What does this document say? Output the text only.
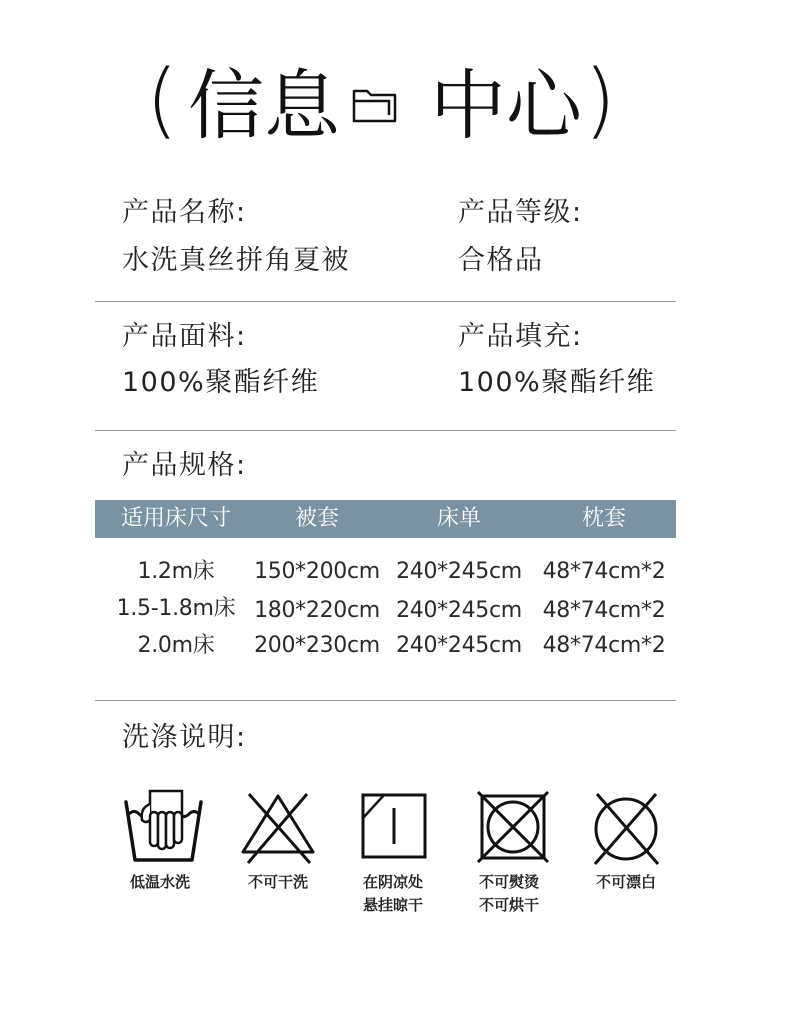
( 信息 中心 )
产品名称:
水洗真丝拼角夏被
产品等级:
合格品
产品面料:
100%聚酯纤维
产品填充:
100%聚酯纤维
产品规格:
适用床尺寸	被套	床单	枕套
1.2m床	150*200cm 240*245cm 48*74cm*2
1.5-1.8m床 180*220cm 240*245cm 48*74cm*2
2.0m床	200*230cm 240*245cm 48*74cm*2
洗涤说明:
低温水洗	不可干洗	在阴凉处
悬挂晾干
不可熨烫
不可烘干
不可漂白
